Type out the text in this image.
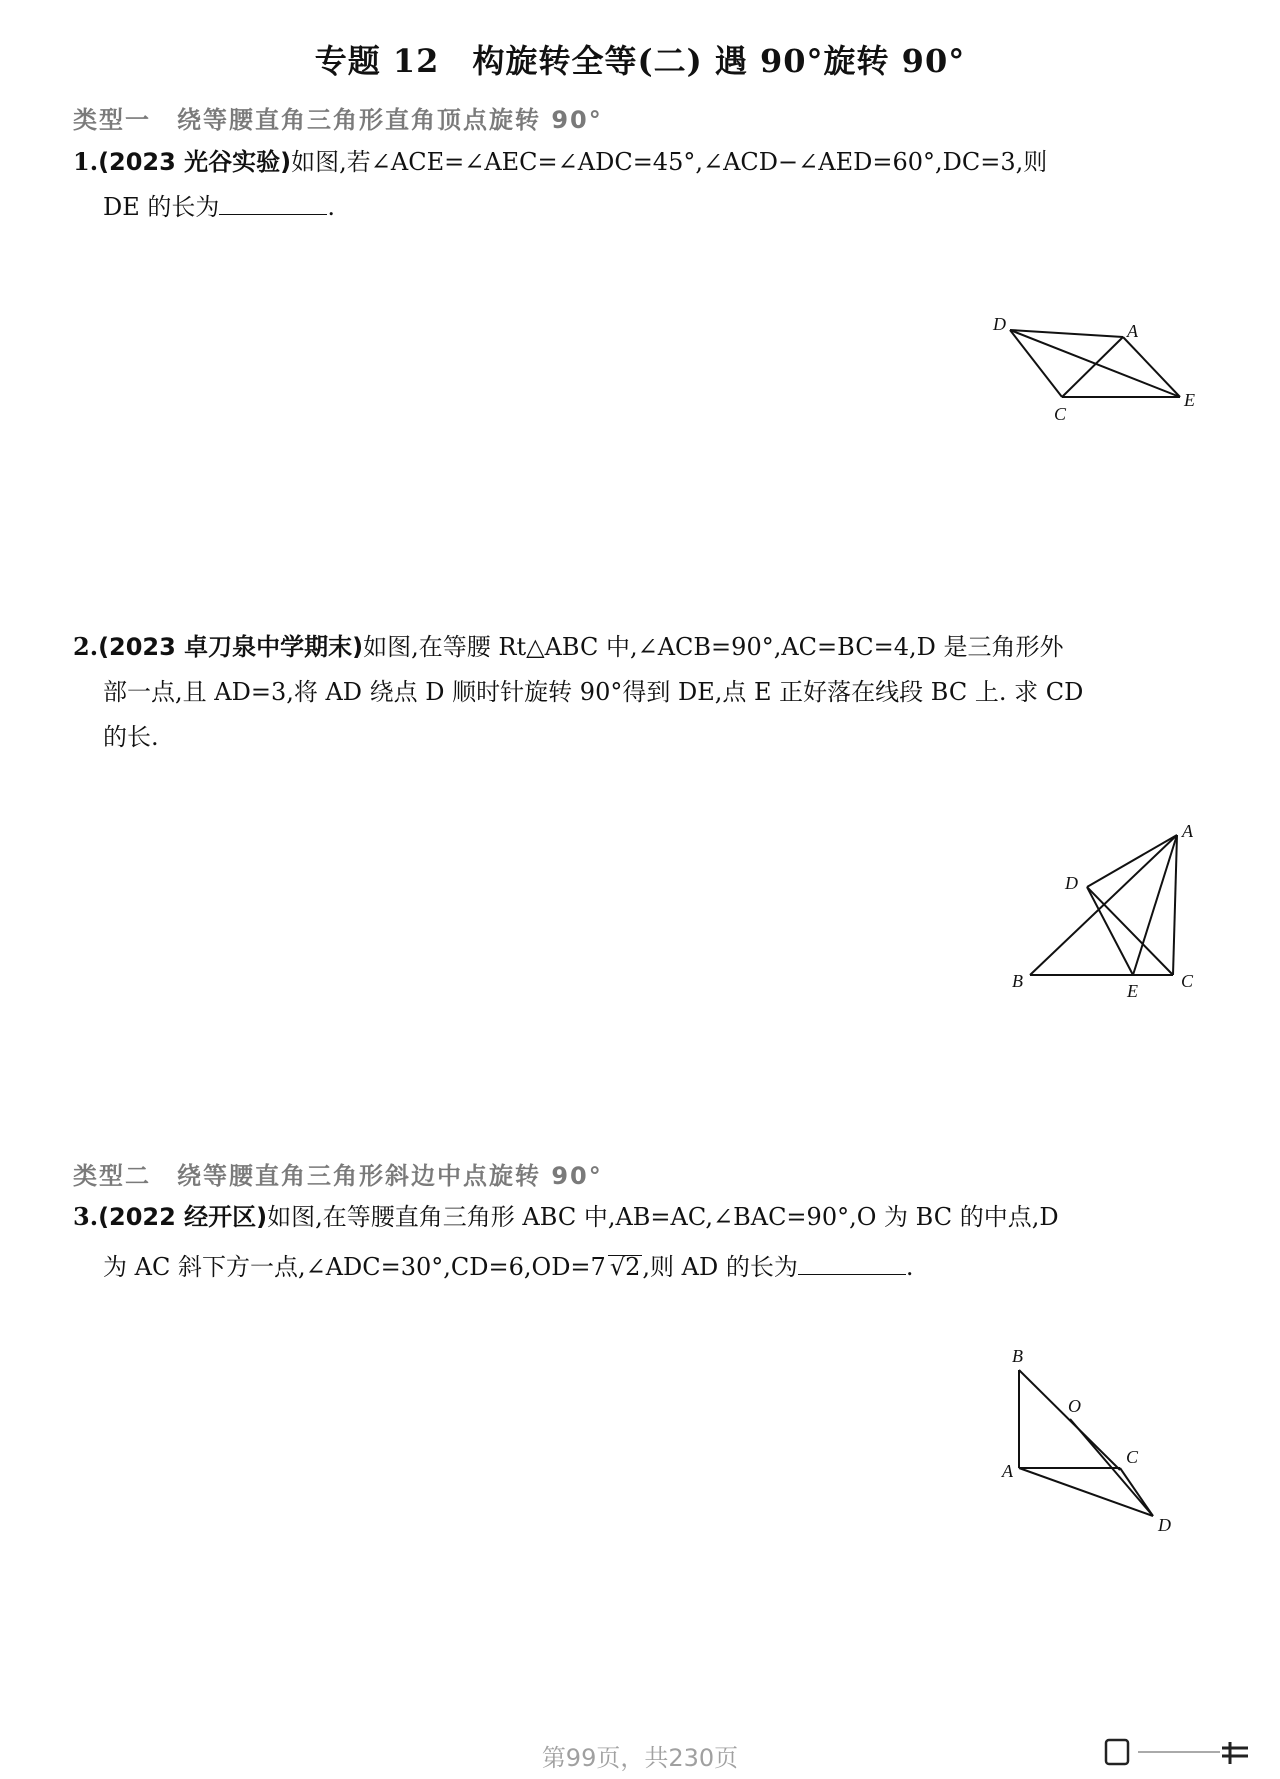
专题 12　构旋转全等(二) 遇 90°旋转 90°
类型一　绕等腰直角三角形直角顶点旋转 90°
1.(2023 光谷实验)如图,若∠ACE=∠AEC=∠ADC=45°,∠ACD−∠AED=60°,DC=3,则
DE 的长为	.
D	A
C
E
2.(2023 卓刀泉中学期末)如图,在等腰 Rt△ABC 中,∠ACB=90°,AC=BC=4,D 是三角形外
部一点,且 AD=3,将 AD 绕点 D 顺时针旋转 90°得到 DE,点 E 正好落在线段 BC 上. 求 CD
的长.
A
D
B	E C
类型二　绕等腰直角三角形斜边中点旋转 90°
3.(2022 经开区)如图,在等腰直角三角形 ABC 中,AB=AC,∠BAC=90°,O 为 BC 的中点,D
为 AC 斜下方一点,∠ADC=30°,CD=6,OD=7 √2,则 AD 的长为	.
B
O
C
A
D
第99页，共230页
